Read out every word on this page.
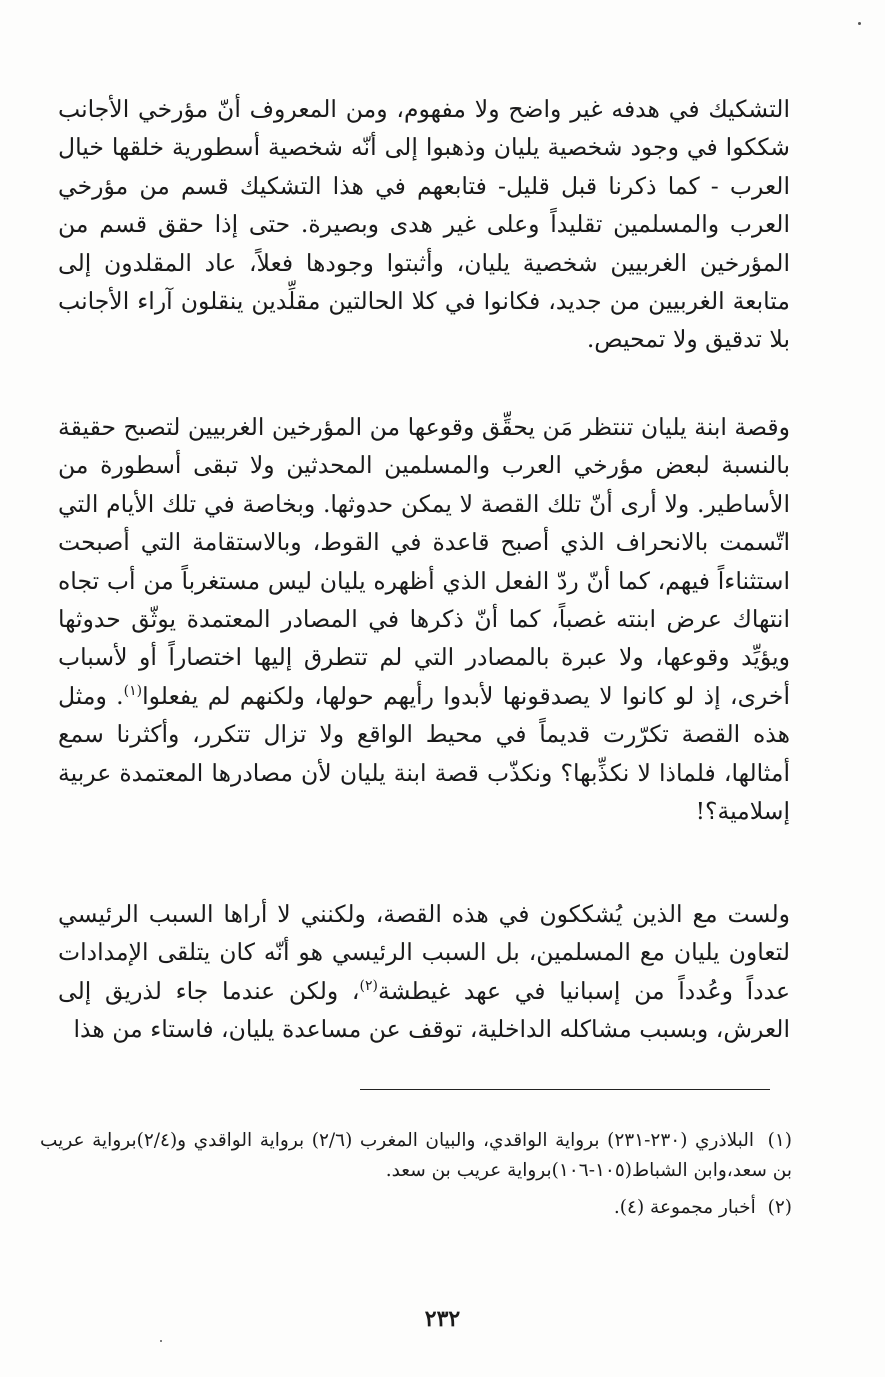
التشكيك في هدفه غير واضح ولا مفهوم، ومن المعروف أنّ مؤرخي الأجانب شككوا في وجود شخصية يليان وذهبوا إلى أنّه شخصية أسطورية خلقها خيال العرب - كما ذكرنا قبل قليل- فتابعهم في هذا التشكيك قسم من مؤرخي العرب والمسلمين تقليداً وعلى غير هدى وبصيرة. حتى إذا حقق قسم من المؤرخين الغربيين شخصية يليان، وأثبتوا وجودها فعلاً، عاد المقلدون إلى متابعة الغربيين من جديد، فكانوا في كلا الحالتين مقلِّدين ينقلون آراء الأجانب بلا تدقيق ولا تمحيص.

وقصة ابنة يليان تنتظر مَن يحقِّق وقوعها من المؤرخين الغربيين لتصبح حقيقة بالنسبة لبعض مؤرخي العرب والمسلمين المحدثين ولا تبقى أسطورة من الأساطير. ولا أرى أنّ تلك القصة لا يمكن حدوثها. وبخاصة في تلك الأيام التي اتّسمت بالانحراف الذي أصبح قاعدة في القوط، وبالاستقامة التي أصبحت استثناءاً فيهم، كما أنّ ردّ الفعل الذي أظهره يليان ليس مستغرباً من أب تجاه انتهاك عرض ابنته غصباً، كما أنّ ذكرها في المصادر المعتمدة يوثّق حدوثها ويؤيِّد وقوعها، ولا عبرة بالمصادر التي لم تتطرق إليها اختصاراً أو لأسباب أخرى، إذ لو كانوا لا يصدقونها لأبدوا رأيهم حولها، ولكنهم لم يفعلوا$^{(١)}$. ومثل هذه القصة تكرّرت قديماً في محيط الواقع ولا تزال تتكرر، وأكثرنا سمع أمثالها، فلماذا لا نكذِّبها؟ ونكذّب قصة ابنة يليان لأن مصادرها المعتمدة عربية إسلامية؟!

ولست مع الذين يُشككون في هذه القصة، ولكنني لا أراها السبب الرئيسي لتعاون يليان مع المسلمين، بل السبب الرئيسي هو أنّه كان يتلقى الإمدادات عدداً وعُدداً من إسبانيا في عهد غيطشة$^{(٢)}$، ولكن عندما جاء لذريق إلى العرش، وبسبب مشاكله الداخلية، توقف عن مساعدة يليان، فاستاء من هذا

(١) البلاذري (٢٣٠-٢٣١) برواية الواقدي، والبيان المغرب (٢/٦) برواية الواقدي و(٢/٤)برواية عريب بن سعد،وابن الشباط(١٠٥-١٠٦)برواية عريب بن سعد.
(٢) أخبار مجموعة (٤).
٢٣٢
